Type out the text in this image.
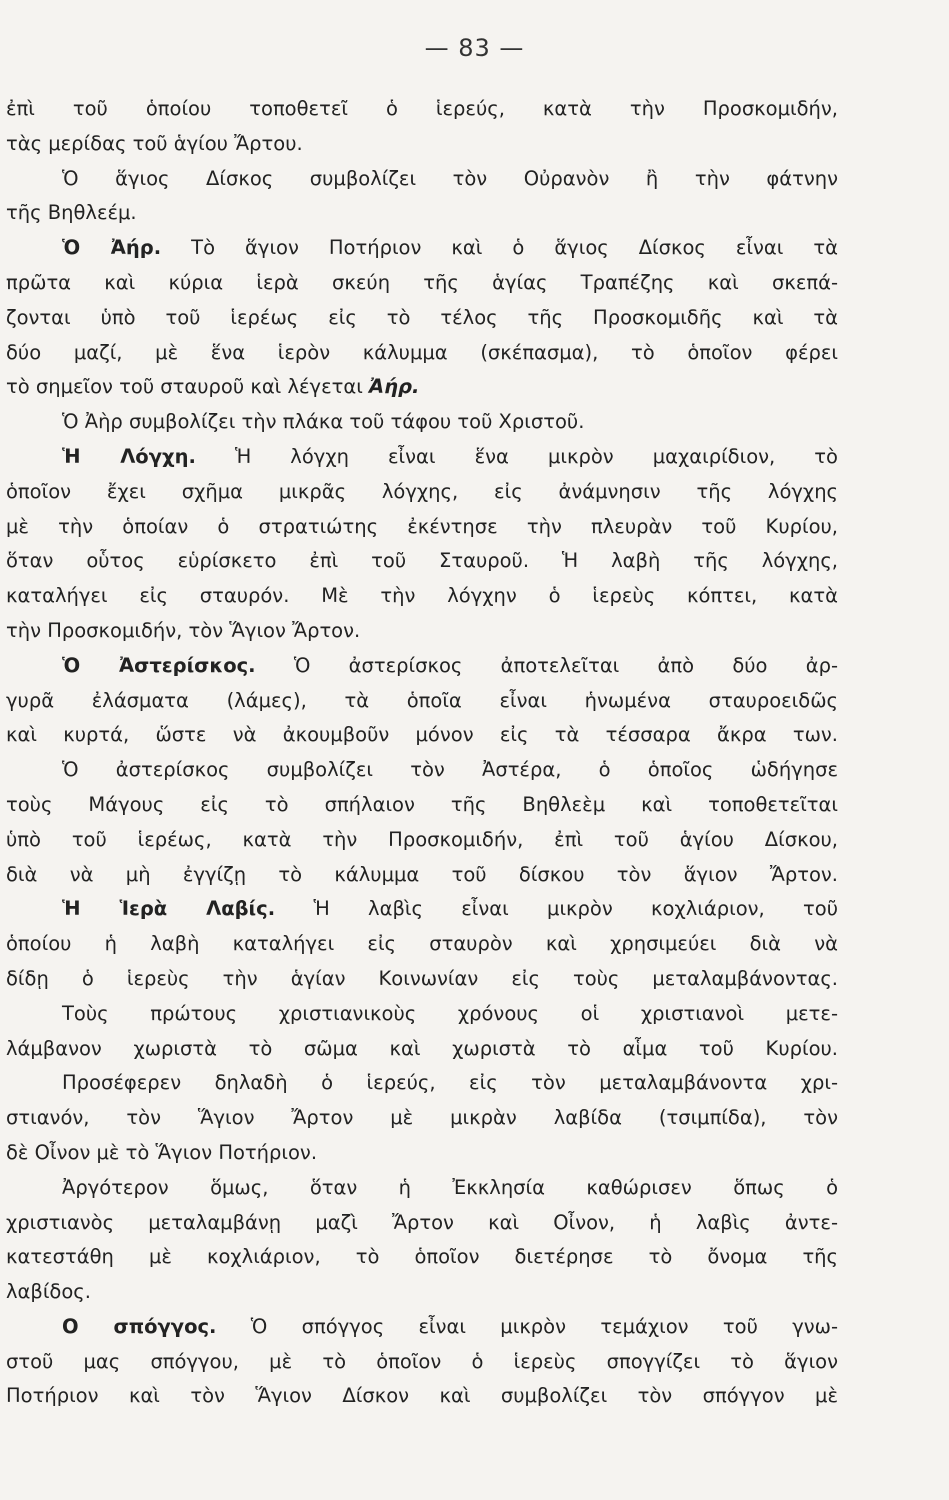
— 83 —
ἐπὶ τοῦ ὁποίου τοποθετεῖ ὁ ἱερεύς, κατὰ τὴν Προσκομιδήν,
τὰς μερίδας τοῦ ἁγίου Ἄρτου.
Ὁ ἅγιος Δίσκος συμβολίζει τὸν Οὐρανὸν ἢ τὴν φάτνην
τῆς Βηθλεέμ.
Ὁ Ἀήρ. Τὸ ἅγιον Ποτήριον καὶ ὁ ἅγιος Δίσκος εἶναι τὰ
πρῶτα καὶ κύρια ἱερὰ σκεύη τῆς ἁγίας Τραπέζης καὶ σκεπά-
ζονται ὑπὸ τοῦ ἱερέως εἰς τὸ τέλος τῆς Προσκομιδῆς καὶ τὰ
δύο μαζί, μὲ ἕνα ἱερὸν κάλυμμα (σκέπασμα), τὸ ὁποῖον φέρει
τὸ σημεῖον τοῦ σταυροῦ καὶ λέγεται Ἀήρ.
Ὁ Ἀὴρ συμβολίζει τὴν πλάκα τοῦ τάφου τοῦ Χριστοῦ.
Ἡ Λόγχη. Ἡ λόγχη εἶναι ἕνα μικρὸν μαχαιρίδιον, τὸ
ὁποῖον ἔχει σχῆμα μικρᾶς λόγχης, εἰς ἀνάμνησιν τῆς λόγχης
μὲ τὴν ὁποίαν ὁ στρατιώτης ἐκέντησε τὴν πλευρὰν τοῦ Κυρίου,
ὅταν οὗτος εὑρίσκετο ἐπὶ τοῦ Σταυροῦ. Ἡ λαβὴ τῆς λόγχης,
καταλήγει εἰς σταυρόν. Μὲ τὴν λόγχην ὁ ἱερεὺς κόπτει, κατὰ
τὴν Προσκομιδήν, τὸν Ἅγιον Ἄρτον.
Ὁ Ἀστερίσκος. Ὁ ἀστερίσκος ἀποτελεῖται ἀπὸ δύο ἀρ-
γυρᾶ ἐλάσματα (λάμες), τὰ ὁποῖα εἶναι ἡνωμένα σταυροειδῶς
καὶ κυρτά, ὥστε νὰ ἀκουμβοῦν μόνον εἰς τὰ τέσσαρα ἄκρα των.
Ὁ ἀστερίσκος συμβολίζει τὸν Ἀστέρα, ὁ ὁποῖος ὡδήγησε
τοὺς Μάγους εἰς τὸ σπήλαιον τῆς Βηθλεὲμ καὶ τοποθετεῖται
ὑπὸ τοῦ ἱερέως, κατὰ τὴν Προσκομιδήν, ἐπὶ τοῦ ἁγίου Δίσκου,
διὰ νὰ μὴ ἐγγίζῃ τὸ κάλυμμα τοῦ δίσκου τὸν ἅγιον Ἄρτον.
Ἡ Ἱερὰ Λαβίς. Ἡ λαβὶς εἶναι μικρὸν κοχλιάριον, τοῦ
ὁποίου ἡ λαβὴ καταλήγει εἰς σταυρὸν καὶ χρησιμεύει διὰ νὰ
δίδῃ ὁ ἱερεὺς τὴν ἁγίαν Κοινωνίαν εἰς τοὺς μεταλαμβάνοντας.
Τοὺς πρώτους χριστιανικοὺς χρόνους οἱ χριστιανοὶ μετε-
λάμβανον χωριστὰ τὸ σῶμα καὶ χωριστὰ τὸ αἷμα τοῦ Κυρίου.
Προσέφερεν δηλαδὴ ὁ ἱερεύς, εἰς τὸν μεταλαμβάνοντα χρι-
στιανόν, τὸν Ἅγιον Ἄρτον μὲ μικρὰν λαβίδα (τσιμπίδα), τὸν
δὲ Οἶνον μὲ τὸ Ἅγιον Ποτήριον.
Ἀργότερον ὅμως, ὅταν ἡ Ἐκκλησία καθώρισεν ὅπως ὁ
χριστιανὸς μεταλαμβάνῃ μαζὶ Ἄρτον καὶ Οἶνον, ἡ λαβὶς ἀντε-
κατεστάθη μὲ κοχλιάριον, τὸ ὁποῖον διετέρησε τὸ ὄνομα τῆς
λαβίδος.
Ο σπόγγος. Ὁ σπόγγος εἶναι μικρὸν τεμάχιον τοῦ γνω-
στοῦ μας σπόγγου, μὲ τὸ ὁποῖον ὁ ἱερεὺς σπογγίζει τὸ ἅγιον
Ποτήριον καὶ τὸν Ἅγιον Δίσκον καὶ συμβολίζει τὸν σπόγγον μὲ
